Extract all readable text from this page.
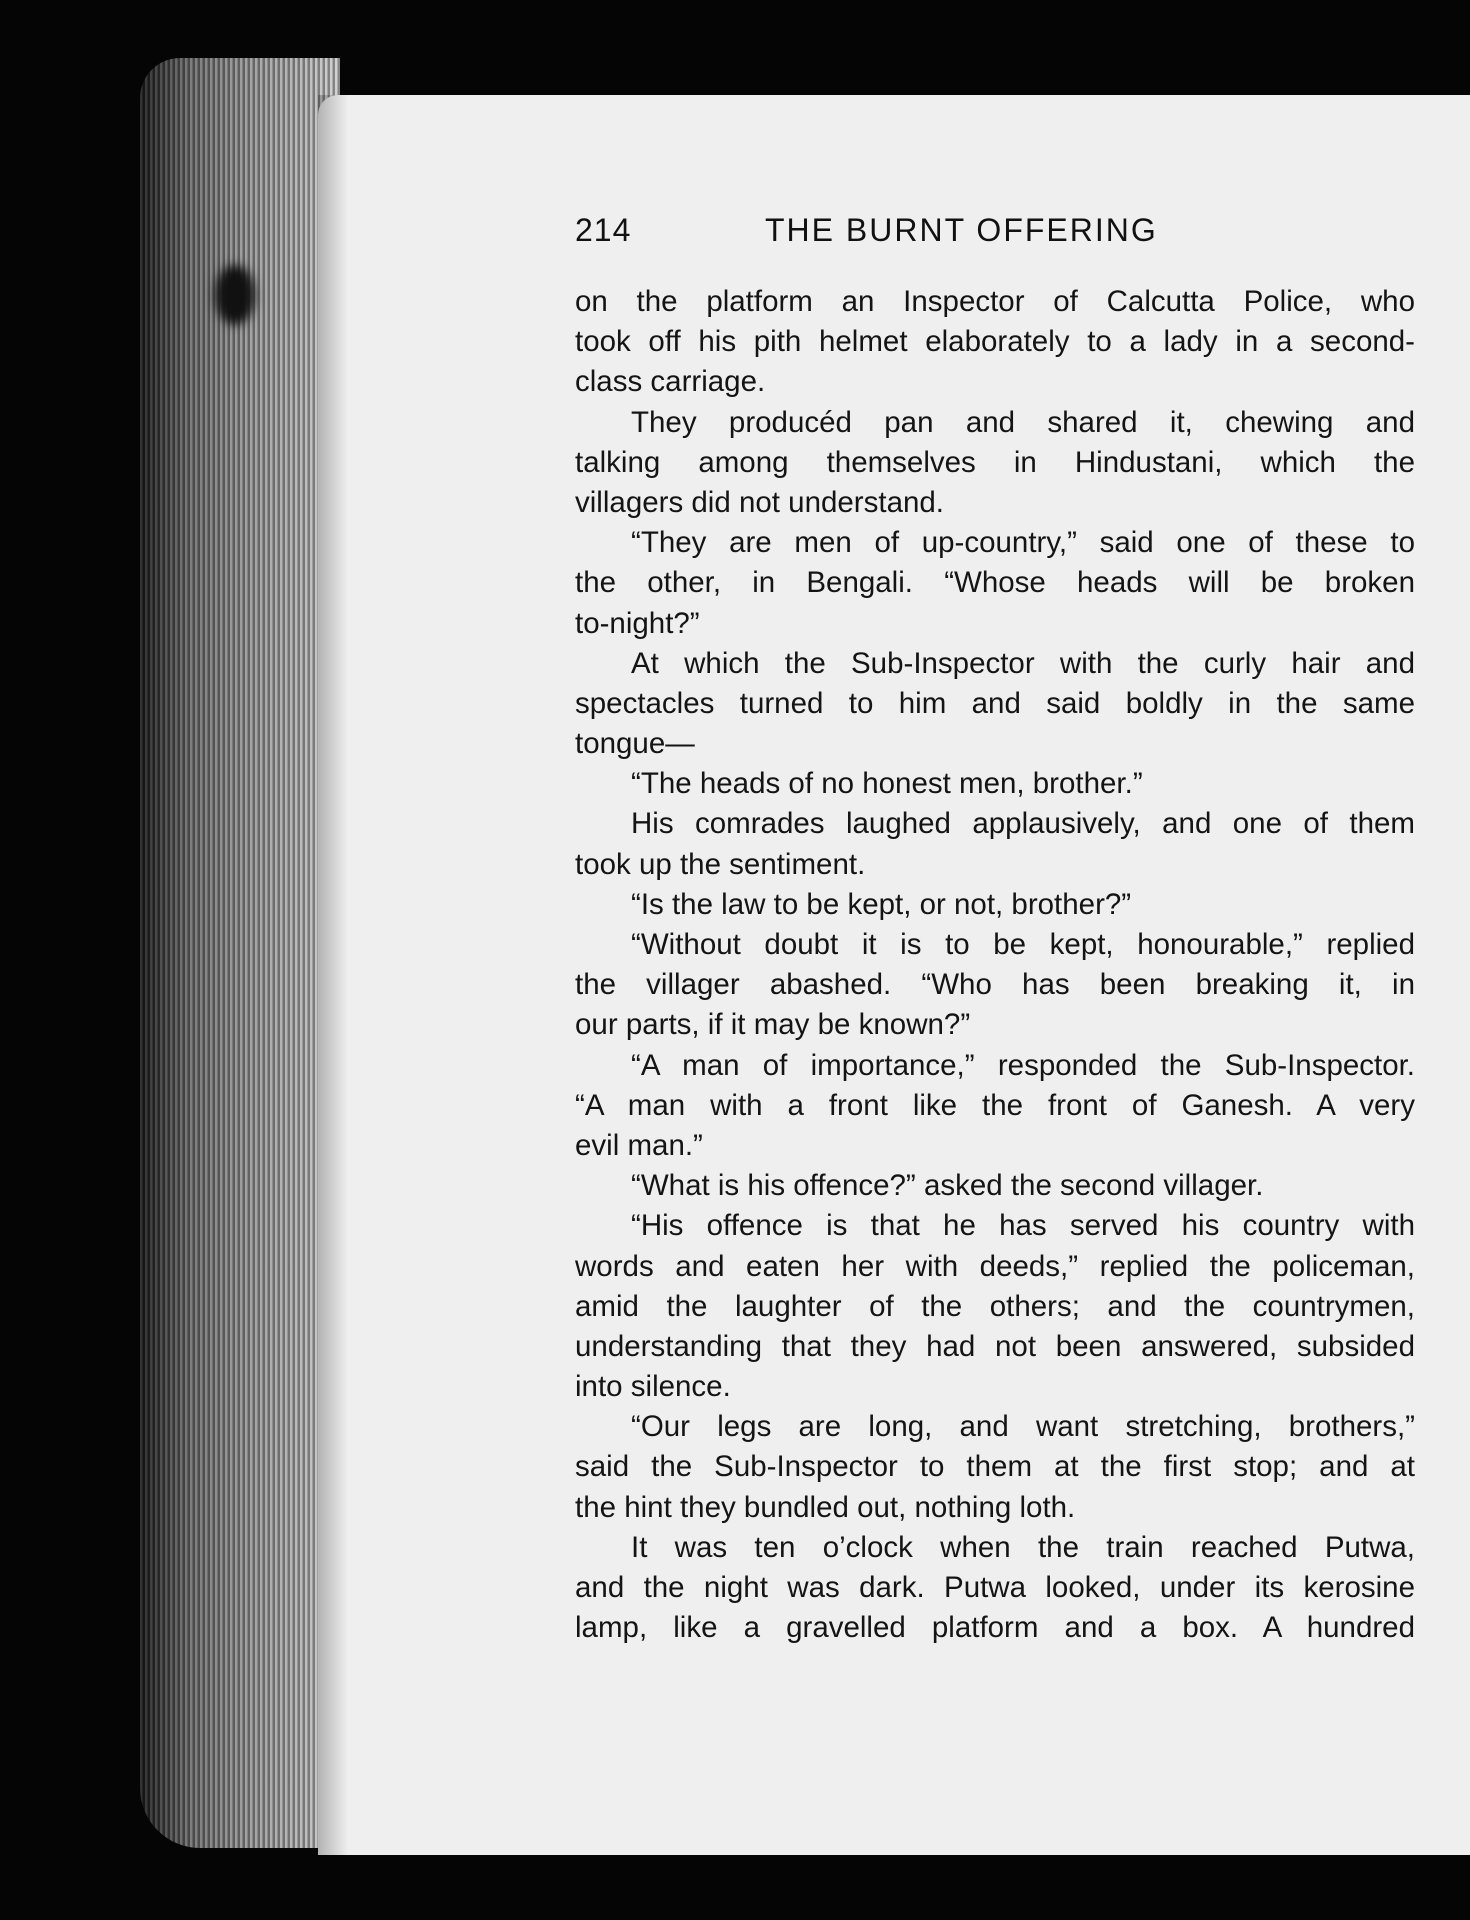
214	THE BURNT OFFERING
on the platform an Inspector of Calcutta Police, who
took off his pith helmet elaborately to a lady in a second-
class carriage.
They producéd pan and shared it, chewing and
talking among themselves in Hindustani, which the
villagers did not understand.
“They are men of up-country,” said one of these to
the other, in Bengali. “Whose heads will be broken
to-night?”
At which the Sub-Inspector with the curly hair and
spectacles turned to him and said boldly in the same
tongue—
“The heads of no honest men, brother.”
His comrades laughed applausively, and one of them
took up the sentiment.
“Is the law to be kept, or not, brother?”
“Without doubt it is to be kept, honourable,” replied
the villager abashed. “Who has been breaking it, in
our parts, if it may be known?”
“A man of importance,” responded the Sub-Inspector.
“A man with a front like the front of Ganesh. A very
evil man.”
“What is his offence?” asked the second villager.
“His offence is that he has served his country with
words and eaten her with deeds,” replied the policeman,
amid the laughter of the others; and the countrymen,
understanding that they had not been answered, subsided
into silence.
“Our legs are long, and want stretching, brothers,”
said the Sub-Inspector to them at the first stop; and at
the hint they bundled out, nothing loth.
It was ten o’clock when the train reached Putwa,
and the night was dark. Putwa looked, under its kerosine
lamp, like a gravelled platform and a box. A hundred
